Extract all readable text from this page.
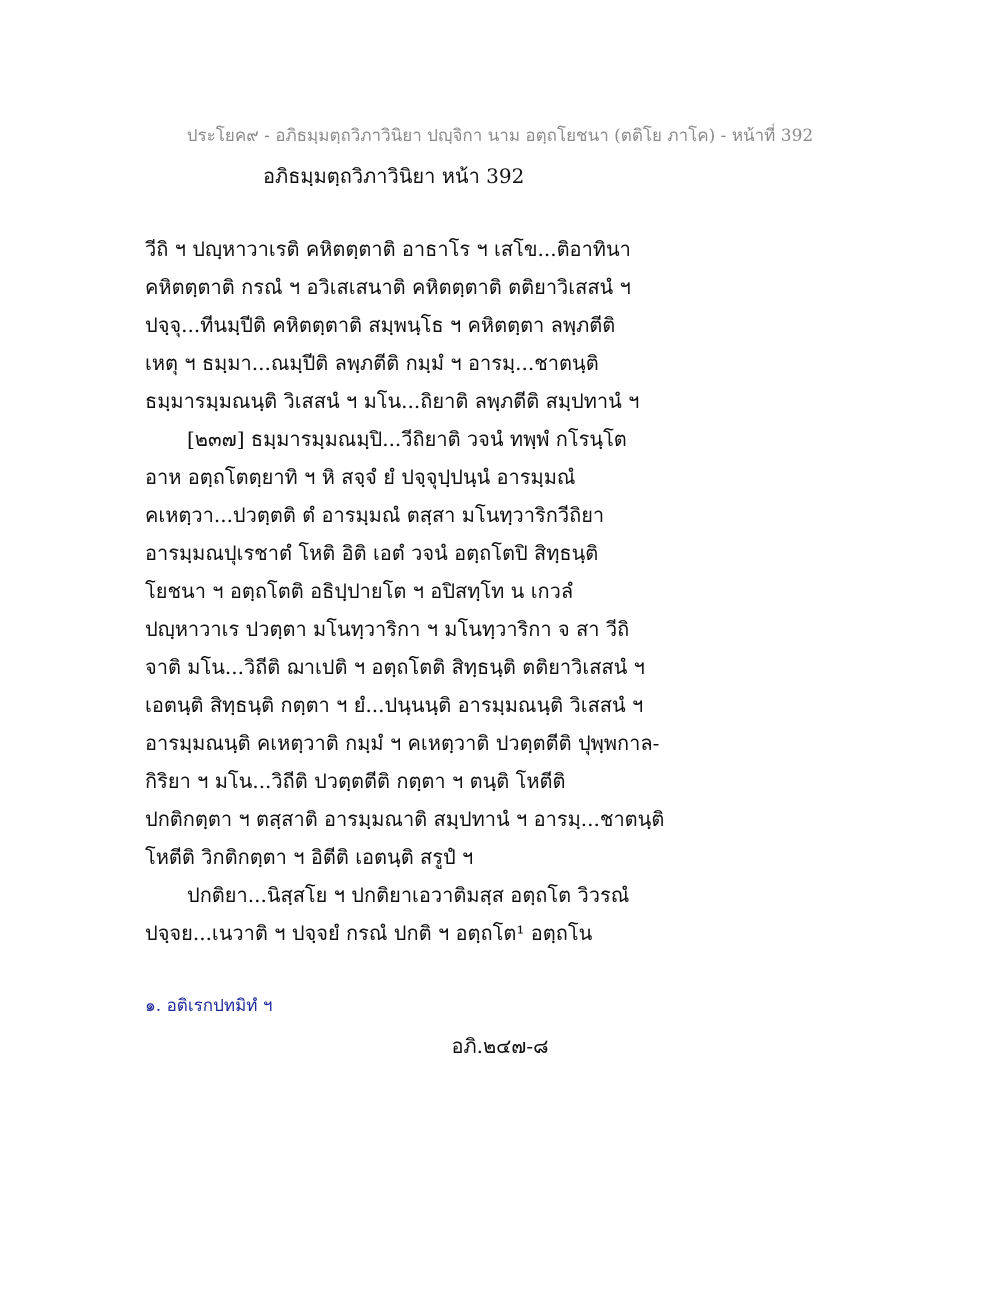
ประโยค๙ - อภิธมฺมตฺถวิภาวินิยา ปญฺจิกา นาม อตฺถโยชนา (ตติโย ภาโค) - หน้าที่ 392
อภิธมฺมตฺถวิภาวินิยา หน้า 392
วีถิ ฯ ปญฺหาวาเรติ คหิตตฺตาติ อาธาโร ฯ เสโข...ติอาทินา
คหิตตฺตาติ กรณํ ฯ อวิเสเสนาติ คหิตตฺตาติ ตติยาวิเสสนํ ฯ
ปจฺจุ...ทีนมฺปีติ คหิตตฺตาติ สมฺพนฺโธ ฯ คหิตตฺตา ลพฺภตีติ
เหตุ ฯ ธมฺมา...ณมฺปีติ ลพฺภตีติ กมฺมํ ฯ อารมฺ...ชาตนฺติ
ธมฺมารมฺมณนฺติ วิเสสนํ ฯ มโน...ถิยาติ ลพฺภตีติ สมฺปทานํ ฯ
[๒๓๗] ธมฺมารมฺมณมฺปิ...วีถิยาติ วจนํ ทพฺพํ กโรนฺโต
อาห อตฺถโตตฺยาทิ ฯ หิ สจฺจํ ยํ ปจฺจุปฺปนฺนํ อารมฺมณํ
คเหตฺวา...ปวตฺตติ ตํ อารมฺมณํ ตสฺสา มโนทฺวาริกวีถิยา
อารมฺมณปุเรชาตํ โหติ อิติ เอตํ วจนํ อตฺถโตปิ สิทฺธนฺติ
โยชนา ฯ อตฺถโตติ อธิปฺปายโต ฯ อปิสทฺโท น เกวลํ
ปญฺหาวาเร ปวตฺตา มโนทฺวาริกา ฯ มโนทฺวาริกา จ สา วีถิ
จาติ มโน...วิถีติ ฌาเปติ ฯ อตฺถโตติ สิทฺธนฺติ ตติยาวิเสสนํ ฯ
เอตนฺติ สิทฺธนฺติ กตฺตา ฯ ยํ...ปนฺนนฺติ อารมฺมณนฺติ วิเสสนํ ฯ
อารมฺมณนฺติ คเหตฺวาติ กมฺมํ ฯ คเหตฺวาติ ปวตฺตตีติ ปุพฺพกาล-
กิริยา ฯ มโน...วิถีติ ปวตฺตตีติ กตฺตา ฯ ตนฺติ โหตีติ
ปกติกตฺตา ฯ ตสฺสาติ อารมฺมณาติ สมฺปทานํ ฯ อารมฺ...ชาตนฺติ
โหตีติ วิกติกตฺตา ฯ อิตีติ เอตนฺติ สรูปํ ฯ
ปกติยา...นิสฺสโย ฯ ปกติยาเอวาติมสฺส อตฺถโต วิวรณํ
ปจฺจย...เนวาติ ฯ ปจฺจยํ กรณํ ปกติ ฯ อตฺถโต¹ อตฺถโน
๑. อติเรกปทมิทํ ฯ
อภิ.๒๔๗-๘
